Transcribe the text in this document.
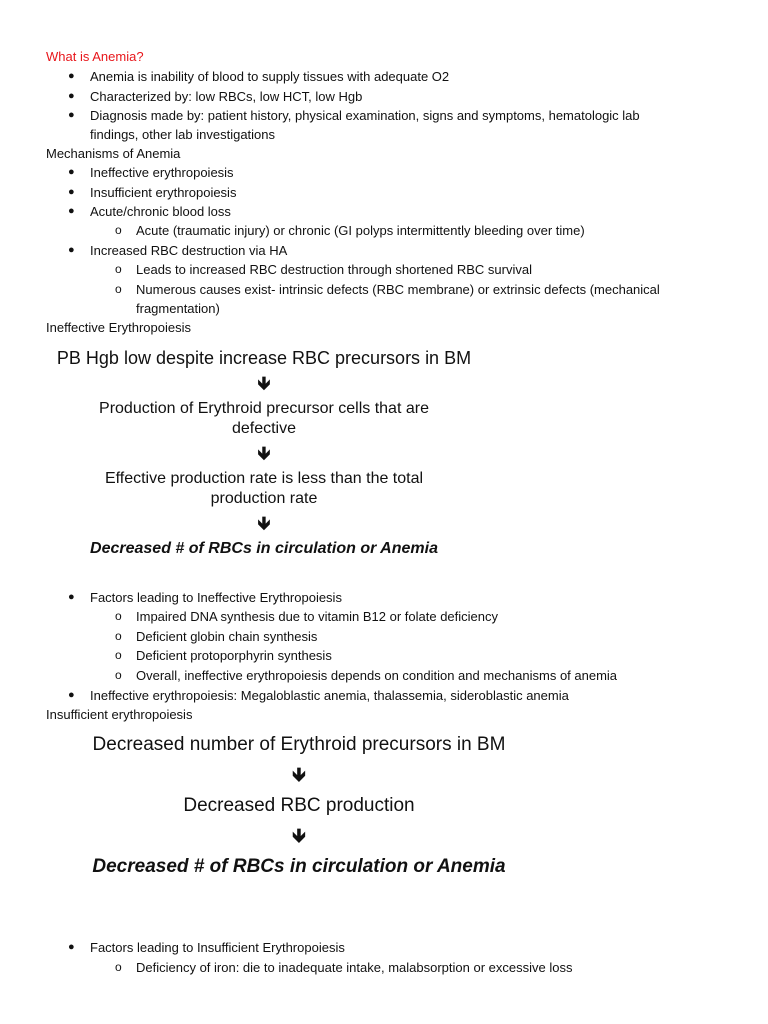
What is Anemia?
● Anemia is inability of blood to supply tissues with adequate O2
● Characterized by: low RBCs, low HCT, low Hgb
● Diagnosis made by: patient history, physical examination, signs and symptoms, hematologic lab
findings, other lab investigations
Mechanisms of Anemia
● Ineffective erythropoiesis
● Insufficient erythropoiesis
● Acute/chronic blood loss
o Acute (traumatic injury) or chronic (GI polyps intermittently bleeding over time)
● Increased RBC destruction via HA
o Leads to increased RBC destruction through shortened RBC survival
o Numerous causes exist- intrinsic defects (RBC membrane) or extrinsic defects (mechanical
fragmentation)
Ineffective Erythropoiesis
PB Hgb low despite increase RBC precursors in BM
🡻
Production of Erythroid precursor cells that are
defective
🡻
Effective production rate is less than the total
production rate
🡻
Decreased # of RBCs in circulation or Anemia
● Factors leading to Ineffective Erythropoiesis
o Impaired DNA synthesis due to vitamin B12 or folate deficiency
o Deficient globin chain synthesis
o Deficient protoporphyrin synthesis
o Overall, ineffective erythropoiesis depends on condition and mechanisms of anemia
● Ineffective erythropoiesis: Megaloblastic anemia, thalassemia, sideroblastic anemia
Insufficient erythropoiesis
Decreased number of Erythroid precursors in BM
🡻
Decreased RBC production
🡻
Decreased # of RBCs in circulation or Anemia
● Factors leading to Insufficient Erythropoiesis
o Deficiency of iron: die to inadequate intake, malabsorption or excessive loss
